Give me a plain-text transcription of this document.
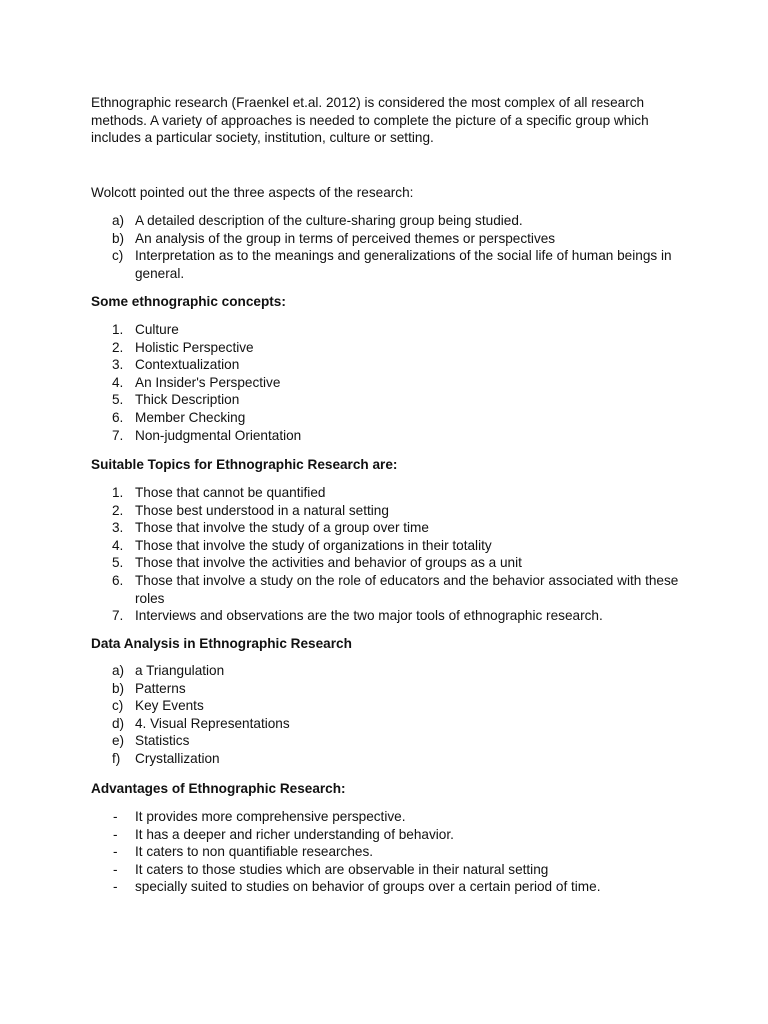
Ethnographic research (Fraenkel et.al. 2012) is considered the most complex of all research methods. A variety of approaches is needed to complete the picture of a specific group which includes a particular society, institution, culture or setting.

Wolcott pointed out the three aspects of the research:

a) A detailed description of the culture-sharing group being studied.
b) An analysis of the group in terms of perceived themes or perspectives
c) Interpretation as to the meanings and generalizations of the social life of human beings in general.

Some ethnographic concepts:

1. Culture
2. Holistic Perspective
3. Contextualization
4. An Insider's Perspective
5. Thick Description
6. Member Checking
7. Non-judgmental Orientation

Suitable Topics for Ethnographic Research are:

1. Those that cannot be quantified
2. Those best understood in a natural setting
3. Those that involve the study of a group over time
4. Those that involve the study of organizations in their totality
5. Those that involve the activities and behavior of groups as a unit
6. Those that involve a study on the role of educators and the behavior associated with these roles
7. Interviews and observations are the two major tools of ethnographic research.

Data Analysis in Ethnographic Research

a) a Triangulation
b) Patterns
c) Key Events
d) 4. Visual Representations
e) Statistics
f) Crystallization

Advantages of Ethnographic Research:

- It provides more comprehensive perspective.
- It has a deeper and richer understanding of behavior.
- It caters to non quantifiable researches.
- It caters to those studies which are observable in their natural setting
- specially suited to studies on behavior of groups over a certain period of time.
